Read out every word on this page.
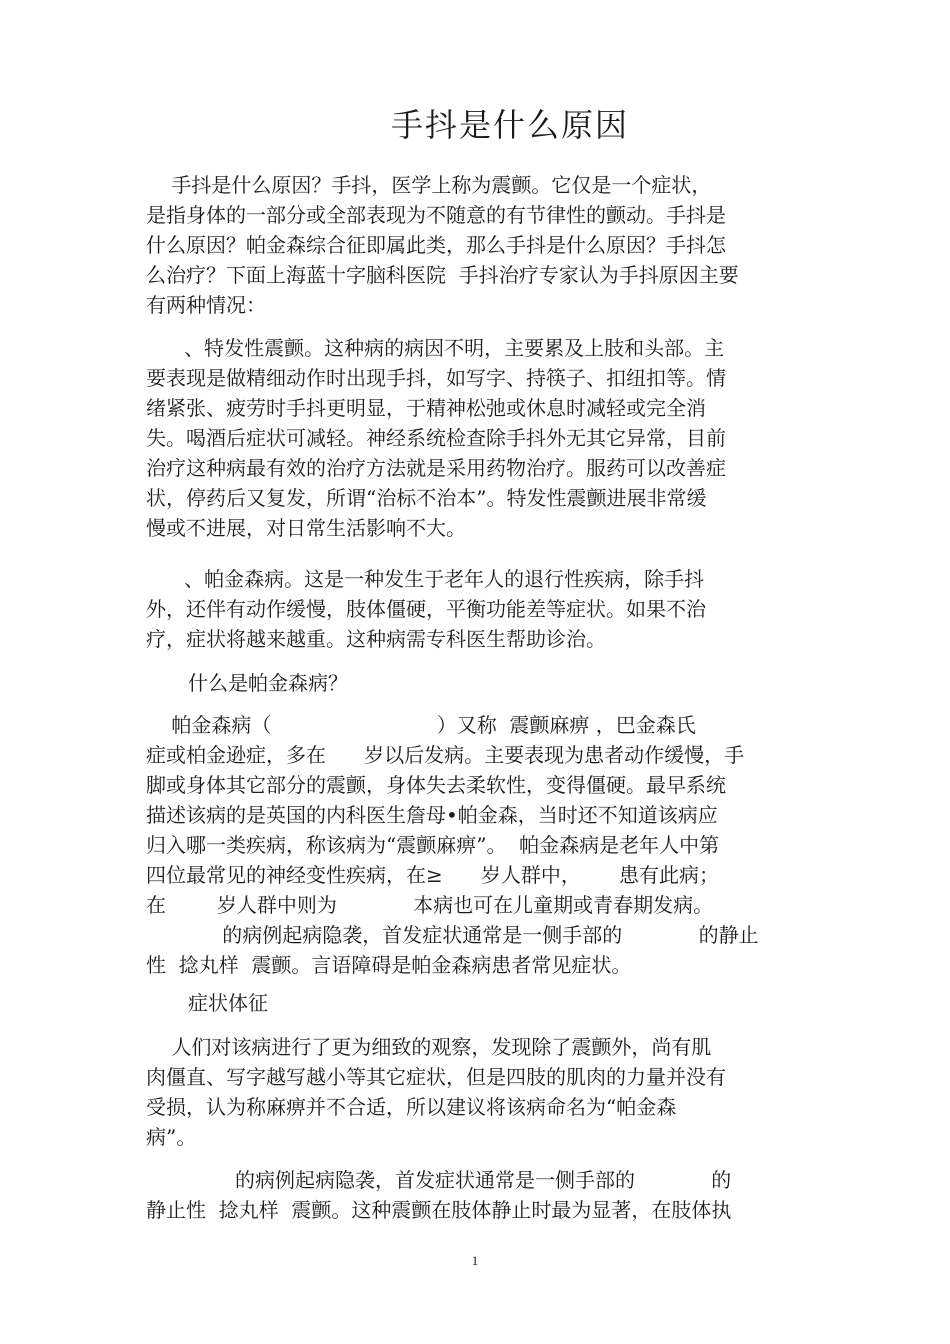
手抖是什么原因
手抖是什么原因？手抖，医学上称为震颤。它仅是一个症状，
是指身体的一部分或全部表现为不随意的有节律性的颤动。手抖是
什么原因？帕金森综合征即属此类，那么手抖是什么原因？手抖怎
么治疗？下面上海蓝十字脑科医院  手抖治疗专家认为手抖原因主要
有两种情况：
、特发性震颤。这种病的病因不明，主要累及上肢和头部。主
要表现是做精细动作时出现手抖，如写字、持筷子、扣纽扣等。情
绪紧张、疲劳时手抖更明显，于精神松弛或休息时减轻或完全消
失。喝酒后症状可减轻。神经系统检查除手抖外无其它异常，目前
治疗这种病最有效的治疗方法就是采用药物治疗。服药可以改善症
状，停药后又复发，所谓“治标不治本”。特发性震颤进展非常缓
慢或不进展，对日常生活影响不大。
、帕金森病。这是一种发生于老年人的退行性疾病，除手抖
外，还伴有动作缓慢，肢体僵硬，平衡功能差等症状。如果不治
疗，症状将越来越重。这种病需专科医生帮助诊治。

什么是帕金森病？

帕金森病（                          ）又称  震颤麻痹 ，巴金森氏
症或柏金逊症，多在      岁以后发病。主要表现为患者动作缓慢，手
脚或身体其它部分的震颤，身体失去柔软性，变得僵硬。最早系统
描述该病的是英国的内科医生詹母•帕金森，当时还不知道该病应
归入哪一类疾病，称该病为“震颤麻痹”。  帕金森病是老年人中第
四位最常见的神经变性疾病，在≥      岁人群中，      患有此病；
在        岁人群中则为            本病也可在儿童期或青春期发病。
的病例起病隐袭，首发症状通常是一侧手部的            的静止
性  捻丸样  震颤。言语障碍是帕金森病患者常见症状。

症状体征

人们对该病进行了更为细致的观察，发现除了震颤外，尚有肌
肉僵直、写字越写越小等其它症状，但是四肢的肌肉的力量并没有
受损，认为称麻痹并不合适，所以建议将该病命名为“帕金森
病”。
的病例起病隐袭，首发症状通常是一侧手部的            的
静止性  捻丸样  震颤。这种震颤在肢体静止时最为显著，在肢体执
1
